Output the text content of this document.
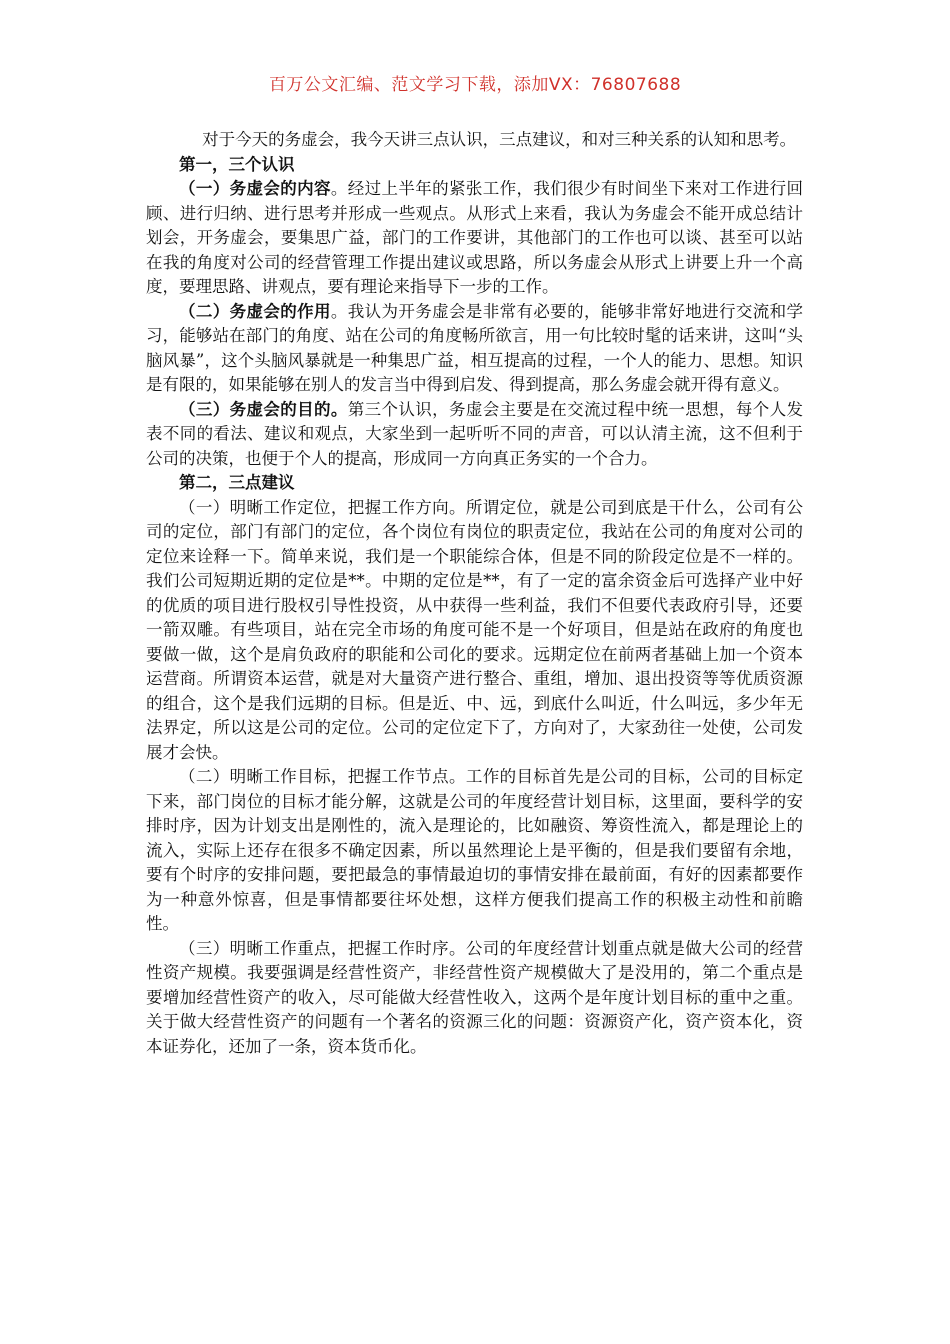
百万公文汇编、范文学习下载，添加VX：76807688

对于今天的务虚会，我今天讲三点认识，三点建议，和对三种关系的认知和思考。

第一，三个认识

（一）务虚会的内容。经过上半年的紧张工作，我们很少有时间坐下来对工作进行回顾、进行归纳、进行思考并形成一些观点。从形式上来看，我认为务虚会不能开成总结计划会，开务虚会，要集思广益，部门的工作要讲，其他部门的工作也可以谈、甚至可以站在我的角度对公司的经营管理工作提出建议或思路，所以务虚会从形式上讲要上升一个高度，要理思路、讲观点，要有理论来指导下一步的工作。

（二）务虚会的作用。我认为开务虚会是非常有必要的，能够非常好地进行交流和学习，能够站在部门的角度、站在公司的角度畅所欲言，用一句比较时髦的话来讲，这叫“头脑风暴”，这个头脑风暴就是一种集思广益，相互提高的过程，一个人的能力、思想。知识是有限的，如果能够在别人的发言当中得到启发、得到提高，那么务虚会就开得有意义。

（三）务虚会的目的。第三个认识，务虚会主要是在交流过程中统一思想，每个人发表不同的看法、建议和观点，大家坐到一起听听不同的声音，可以认清主流，这不但利于公司的决策，也便于个人的提高，形成同一方向真正务实的一个合力。

第二，三点建议

（一）明晰工作定位，把握工作方向。所谓定位，就是公司到底是干什么，公司有公司的定位，部门有部门的定位，各个岗位有岗位的职责定位，我站在公司的角度对公司的定位来诠释一下。简单来说，我们是一个职能综合体，但是不同的阶段定位是不一样的。我们公司短期近期的定位是**。中期的定位是**，有了一定的富余资金后可选择产业中好的优质的项目进行股权引导性投资，从中获得一些利益，我们不但要代表政府引导，还要一箭双雕。有些项目，站在完全市场的角度可能不是一个好项目，但是站在政府的角度也要做一做，这个是肩负政府的职能和公司化的要求。远期定位在前两者基础上加一个资本运营商。所谓资本运营，就是对大量资产进行整合、重组，增加、退出投资等等优质资源的组合，这个是我们远期的目标。但是近、中、远，到底什么叫近，什么叫远，多少年无法界定，所以这是公司的定位。公司的定位定下了，方向对了，大家劲往一处使，公司发展才会快。

（二）明晰工作目标，把握工作节点。工作的目标首先是公司的目标，公司的目标定下来，部门岗位的目标才能分解，这就是公司的年度经营计划目标，这里面，要科学的安排时序，因为计划支出是刚性的，流入是理论的，比如融资、筹资性流入，都是理论上的流入，实际上还存在很多不确定因素，所以虽然理论上是平衡的，但是我们要留有余地，要有个时序的安排问题，要把最急的事情最迫切的事情安排在最前面，有好的因素都要作为一种意外惊喜，但是事情都要往坏处想，这样方便我们提高工作的积极主动性和前瞻性。

（三）明晰工作重点，把握工作时序。公司的年度经营计划重点就是做大公司的经营性资产规模。我要强调是经营性资产，非经营性资产规模做大了是没用的，第二个重点是要增加经营性资产的收入，尽可能做大经营性收入，这两个是年度计划目标的重中之重。关于做大经营性资产的问题有一个著名的资源三化的问题：资源资产化，资产资本化，资本证券化，还加了一条，资本货币化。
